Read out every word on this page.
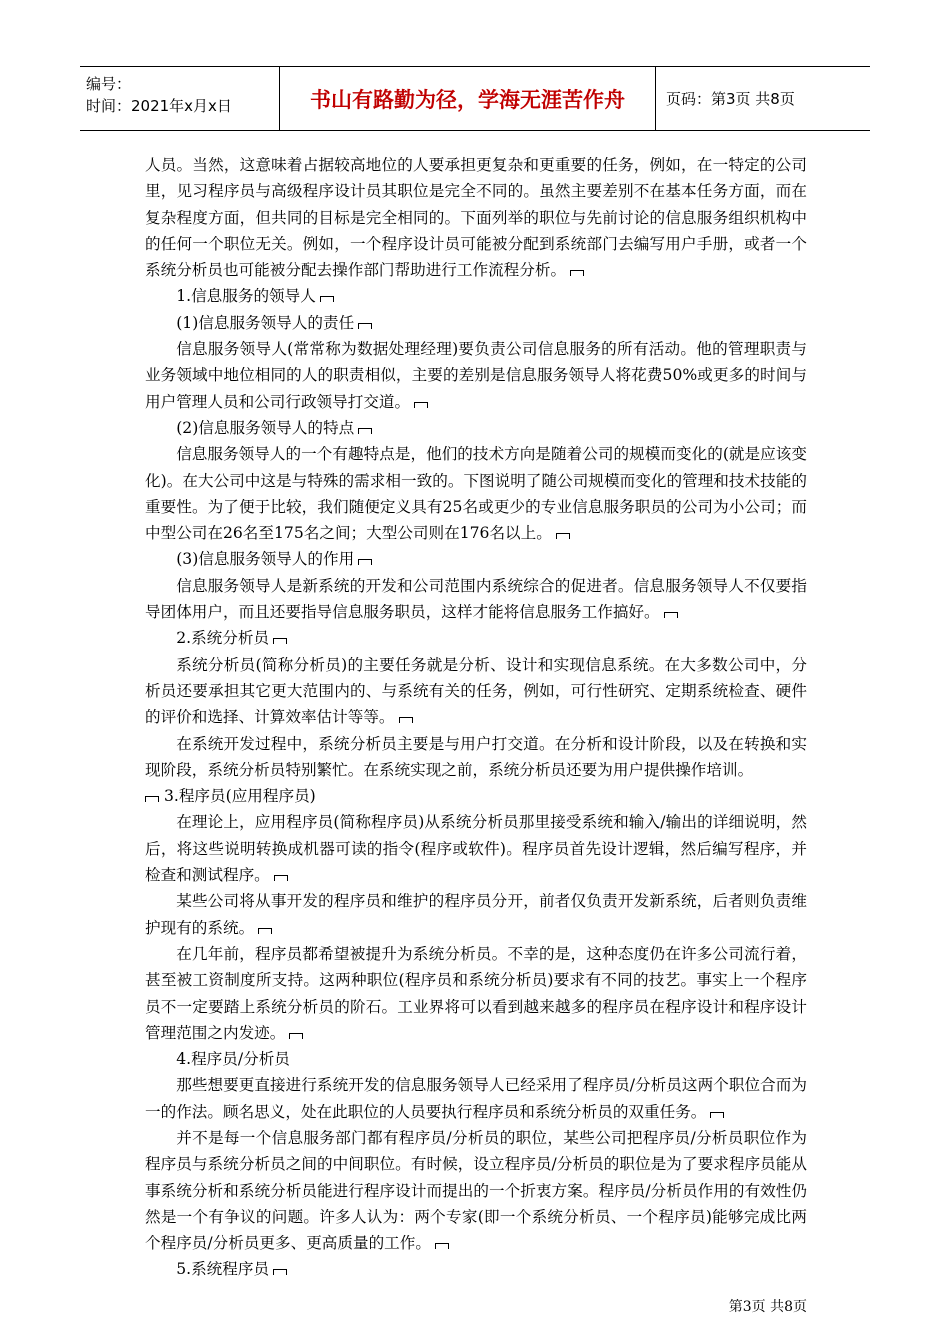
编号：
时间：2021年x月x日	书山有路勤为径，学海无涯苦作舟	页码：第3页 共8页

人员。当然，这意味着占据较高地位的人要承担更复杂和更重要的任务，例如，在一特定的公司里，见习程序员与高级程序设计员其职位是完全不同的。虽然主要差别不在基本任务方面，而在复杂程度方面，但共同的目标是完全相同的。下面列举的职位与先前讨论的信息服务组织机构中的任何一个职位无关。例如，一个程序设计员可能被分配到系统部门去编写用户手册，或者一个系统分析员也可能被分配去操作部门帮助进行工作流程分析。

1.信息服务的领导人

(1)信息服务领导人的责任

信息服务领导人(常常称为数据处理经理)要负责公司信息服务的所有活动。他的管理职责与业务领域中地位相同的人的职责相似，主要的差别是信息服务领导人将花费50%或更多的时间与用户管理人员和公司行政领导打交道。

(2)信息服务领导人的特点

信息服务领导人的一个有趣特点是，他们的技术方向是随着公司的规模而变化的(就是应该变化)。在大公司中这是与特殊的需求相一致的。下图说明了随公司规模而变化的管理和技术技能的重要性。为了便于比较，我们随便定义具有25名或更少的专业信息服务职员的公司为小公司；而中型公司在26名至175名之间；大型公司则在176名以上。

(3)信息服务领导人的作用

信息服务领导人是新系统的开发和公司范围内系统综合的促进者。信息服务领导人不仅要指导团体用户，而且还要指导信息服务职员，这样才能将信息服务工作搞好。

2.系统分析员

系统分析员(简称分析员)的主要任务就是分析、设计和实现信息系统。在大多数公司中，分析员还要承担其它更大范围内的、与系统有关的任务，例如，可行性研究、定期系统检查、硬件的评价和选择、计算效率估计等等。

在系统开发过程中，系统分析员主要是与用户打交道。在分析和设计阶段，以及在转换和实现阶段，系统分析员特别繁忙。在系统实现之前，系统分析员还要为用户提供操作培训。

3.程序员(应用程序员)

在理论上，应用程序员(简称程序员)从系统分析员那里接受系统和输入/输出的详细说明，然后，将这些说明转换成机器可读的指令(程序或软件)。程序员首先设计逻辑，然后编写程序，并检查和测试程序。

某些公司将从事开发的程序员和维护的程序员分开，前者仅负责开发新系统，后者则负责维护现有的系统。

在几年前，程序员都希望被提升为系统分析员。不幸的是，这种态度仍在许多公司流行着，甚至被工资制度所支持。这两种职位(程序员和系统分析员)要求有不同的技艺。事实上一个程序员不一定要踏上系统分析员的阶石。工业界将可以看到越来越多的程序员在程序设计和程序设计管理范围之内发迹。

4.程序员/分析员

那些想要更直接进行系统开发的信息服务领导人已经采用了程序员/分析员这两个职位合而为一的作法。顾名思义，处在此职位的人员要执行程序员和系统分析员的双重任务。

并不是每一个信息服务部门都有程序员/分析员的职位，某些公司把程序员/分析员职位作为程序员与系统分析员之间的中间职位。有时候，设立程序员/分析员的职位是为了要求程序员能从事系统分析和系统分析员能进行程序设计而提出的一个折衷方案。程序员/分析员作用的有效性仍然是一个有争议的问题。许多人认为：两个专家(即一个系统分析员、一个程序员)能够完成比两个程序员/分析员更多、更高质量的工作。

5.系统程序员

第3页 共8页
